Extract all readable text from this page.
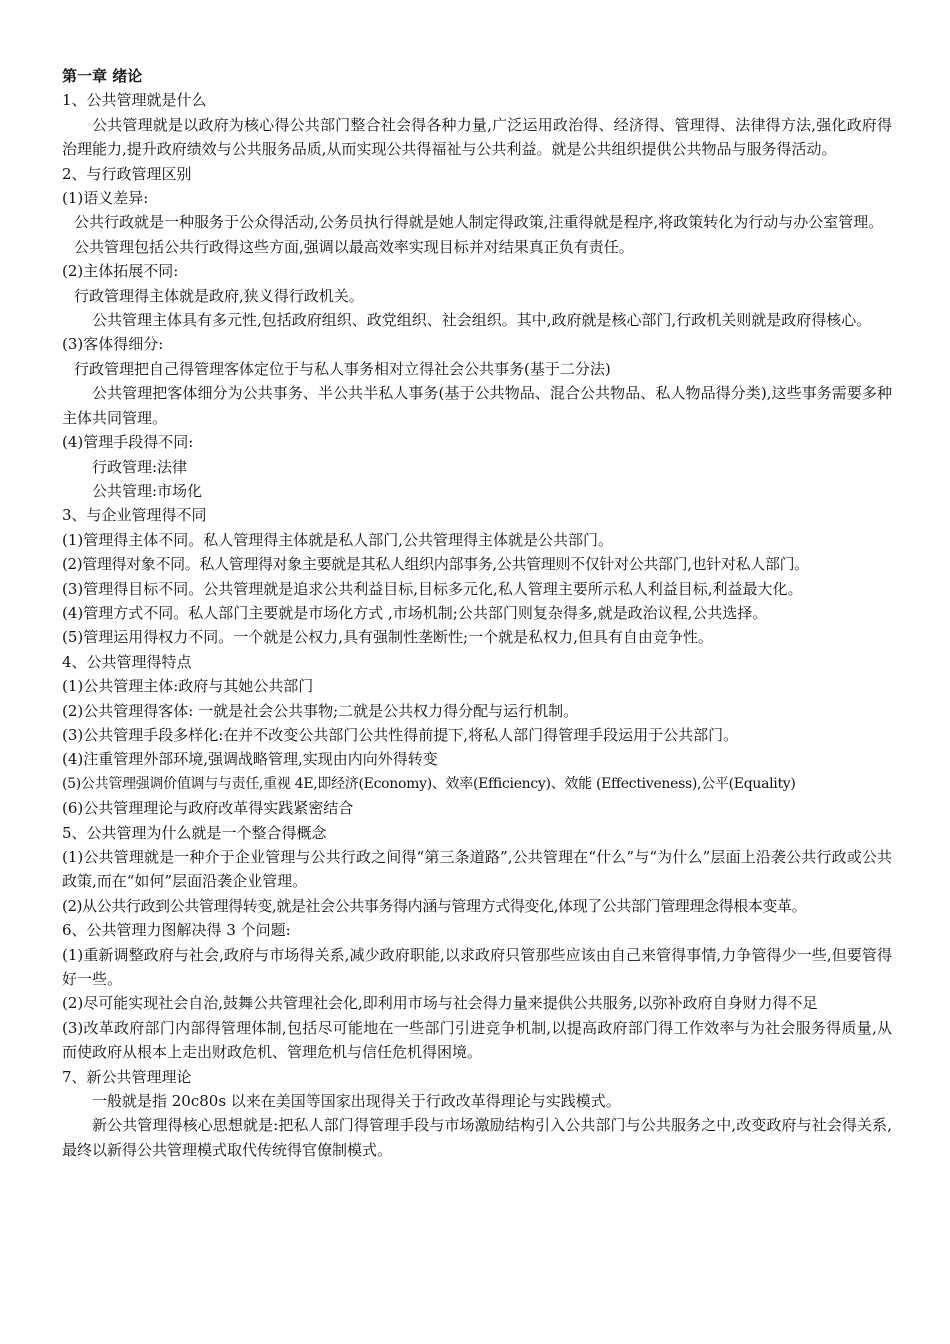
第一章 绪论

1、公共管理就是什么

公共管理就是以政府为核心得公共部门整合社会得各种力量,广泛运用政治得、经济得、管理得、法律得方法,强化政府得治理能力,提升政府绩效与公共服务品质,从而实现公共得福祉与公共利益。就是公共组织提供公共物品与服务得活动。

2、与行政管理区别

(1)语义差异:

公共行政就是一种服务于公众得活动,公务员执行得就是她人制定得政策,注重得就是程序,将政策转化为行动与办公室管理。

公共管理包括公共行政得这些方面,强调以最高效率实现目标并对结果真正负有责任。

(2)主体拓展不同:

行政管理得主体就是政府,狭义得行政机关。

公共管理主体具有多元性,包括政府组织、政党组织、社会组织。其中,政府就是核心部门,行政机关则就是政府得核心。

(3)客体得细分:

行政管理把自己得管理客体定位于与私人事务相对立得社会公共事务(基于二分法)

公共管理把客体细分为公共事务、半公共半私人事务(基于公共物品、混合公共物品、私人物品得分类),这些事务需要多种主体共同管理。

(4)管理手段得不同:

行政管理:法律

公共管理:市场化

3、与企业管理得不同

(1)管理得主体不同。私人管理得主体就是私人部门,公共管理得主体就是公共部门。

(2)管理得对象不同。私人管理得对象主要就是其私人组织内部事务,公共管理则不仅针对公共部门,也针对私人部门。

(3)管理得目标不同。公共管理就是追求公共利益目标,目标多元化,私人管理主要所示私人利益目标,利益最大化。

(4)管理方式不同。私人部门主要就是市场化方式 ,市场机制;公共部门则复杂得多,就是政治议程,公共选择。

(5)管理运用得权力不同。一个就是公权力,具有强制性垄断性;一个就是私权力,但具有自由竞争性。

4、公共管理得特点

(1)公共管理主体:政府与其她公共部门

(2)公共管理得客体: 一就是社会公共事物;二就是公共权力得分配与运行机制。

(3)公共管理手段多样化:在并不改变公共部门公共性得前提下,将私人部门得管理手段运用于公共部门。

(4)注重管理外部环境,强调战略管理,实现由内向外得转变

(5)公共管理强调价值调与与责任,重视 4E,即经济(Economy)、效率(Efficiency)、效能 (Effectiveness),公平(Equality)

(6)公共管理理论与政府改革得实践紧密结合

5、公共管理为什么就是一个整合得概念

(1)公共管理就是一种介于企业管理与公共行政之间得“第三条道路”,公共管理在“什么”与“为什么”层面上沿袭公共行政或公共政策,而在“如何”层面沿袭企业管理。

(2)从公共行政到公共管理得转变,就是社会公共事务得内涵与管理方式得变化,体现了公共部门管理理念得根本变革。

6、公共管理力图解决得 3 个问题:

(1)重新调整政府与社会,政府与市场得关系,减少政府职能,以求政府只管那些应该由自己来管得事情,力争管得少一些,但要管得好一些。

(2)尽可能实现社会自治,鼓舞公共管理社会化,即利用市场与社会得力量来提供公共服务,以弥补政府自身财力得不足

(3)改革政府部门内部得管理体制,包括尽可能地在一些部门引进竞争机制,以提高政府部门得工作效率与为社会服务得质量,从而使政府从根本上走出财政危机、管理危机与信任危机得困境。

7、新公共管理理论

一般就是指 20c80s 以来在美国等国家出现得关于行政改革得理论与实践模式。

新公共管理得核心思想就是:把私人部门得管理手段与市场激励结构引入公共部门与公共服务之中,改变政府与社会得关系,最终以新得公共管理模式取代传统得官僚制模式。
